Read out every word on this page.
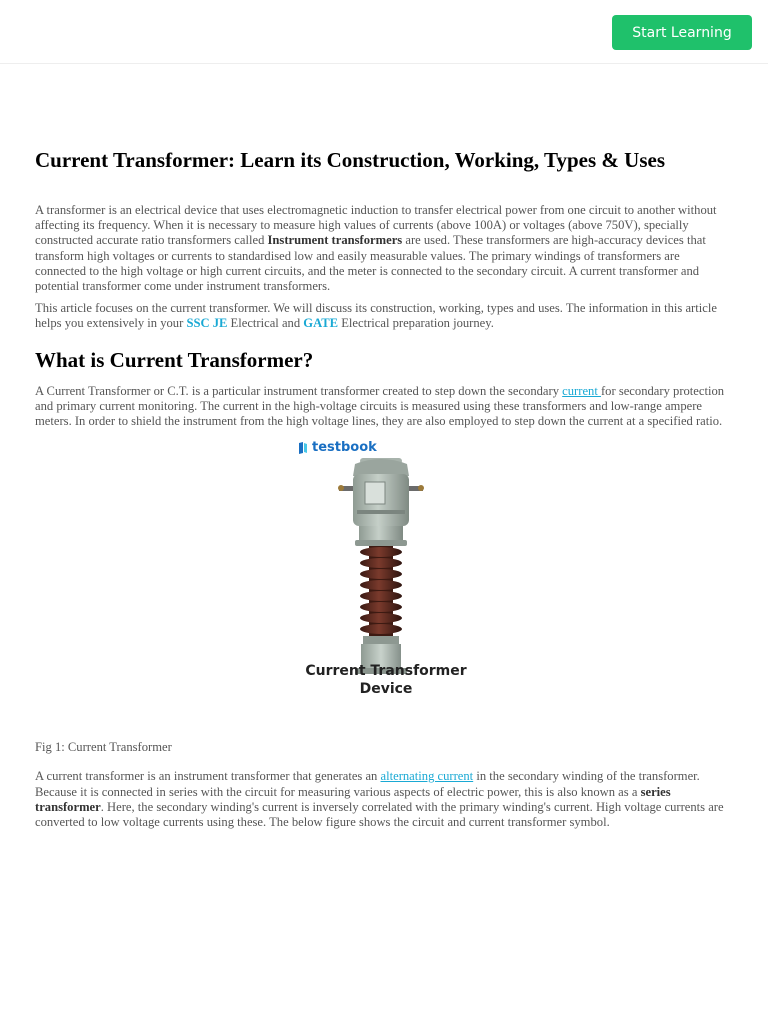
Start Learning
Current Transformer: Learn its Construction, Working, Types & Uses

A transformer is an electrical device that uses electromagnetic induction to transfer electrical power from one circuit to another without affecting its frequency. When it is necessary to measure high values of currents (above 100A) or voltages (above 750V), specially constructed accurate ratio transformers called Instrument transformers are used. These transformers are high-accuracy devices that transform high voltages or currents to standardised low and easily measurable values. The primary windings of transformers are connected to the high voltage or high current circuits, and the meter is connected to the secondary circuit. A current transformer and potential transformer come under instrument transformers.

This article focuses on the current transformer. We will discuss its construction, working, types and uses. The information in this article helps you extensively in your SSC JE Electrical and GATE Electrical preparation journey.

What is Current Transformer?

A Current Transformer or C.T. is a particular instrument transformer created to step down the secondary current for secondary protection and primary current monitoring. The current in the high-voltage circuits is measured using these transformers and low-range ampere meters. In order to shield the instrument from the high voltage lines, they are also employed to step down the current at a specified ratio.

testbook
Current Transformer
Device

Fig 1: Current Transformer

A current transformer is an instrument transformer that generates an alternating current in the secondary winding of the transformer. Because it is connected in series with the circuit for measuring various aspects of electric power, this is also known as a series transformer. Here, the secondary winding's current is inversely correlated with the primary winding's current. High voltage currents are converted to low voltage currents using these. The below figure shows the circuit and current transformer symbol.
